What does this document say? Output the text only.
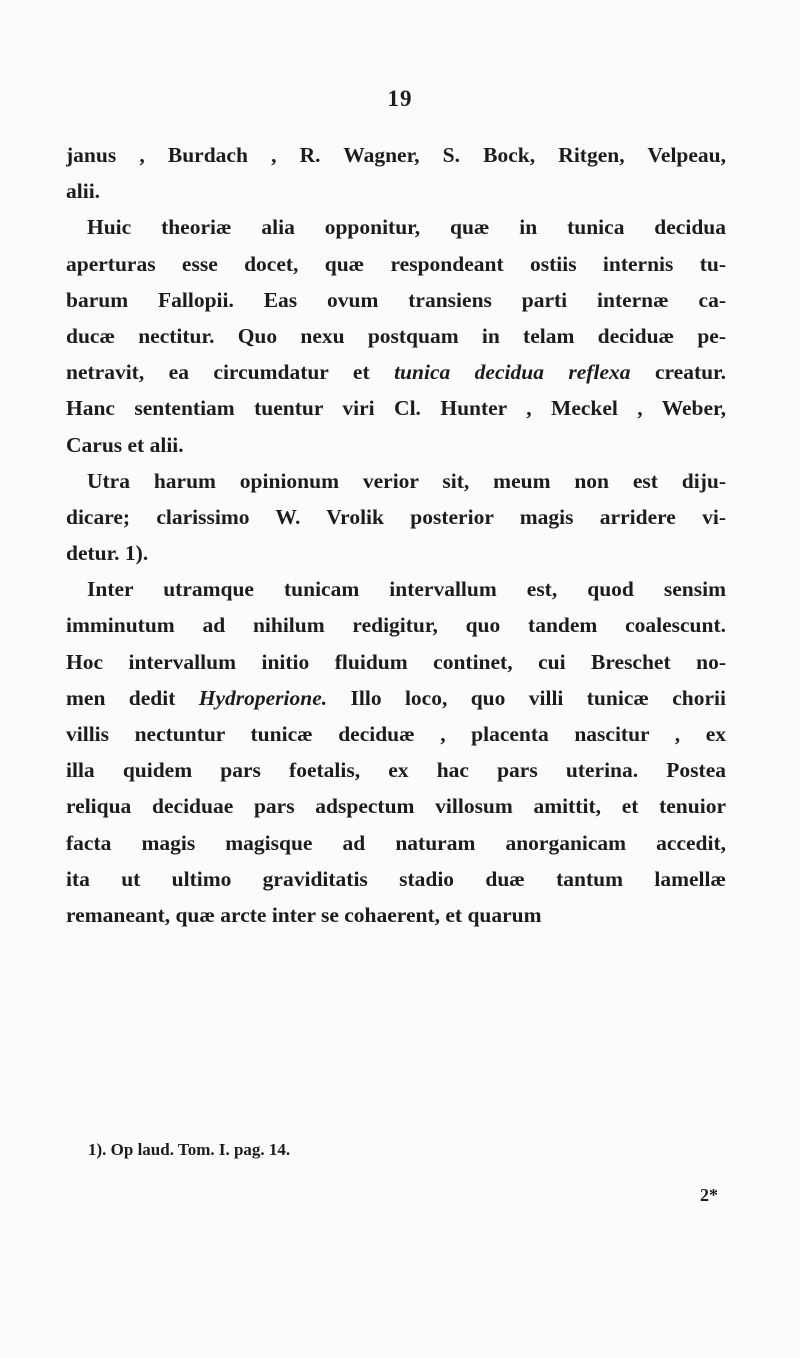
19
janus , Burdach , R. Wagner, S. Bock, Ritgen, Velpeau,
alii.
Huic theoriæ alia opponitur, quæ in tunica decidua
aperturas esse docet, quæ respondeant ostiis internis tu-
barum Fallopii. Eas ovum transiens parti internæ ca-
ducæ nectitur. Quo nexu postquam in telam deciduæ pe-
netravit, ea circumdatur et tunica decidua reflexa creatur.
Hanc sententiam tuentur viri Cl. Hunter , Meckel , Weber,
Carus et alii.
Utra harum opinionum verior sit, meum non est diju-
dicare; clarissimo W. Vrolik posterior magis arridere vi-
detur. 1).
Inter utramque tunicam intervallum est, quod sensim
imminutum ad nihilum redigitur, quo tandem coalescunt.
Hoc intervallum initio fluidum continet, cui Breschet no-
men dedit Hydroperione. Illo loco, quo villi tunicæ chorii
villis nectuntur tunicæ deciduæ , placenta nascitur , ex
illa quidem pars foetalis, ex hac pars uterina. Postea
reliqua deciduae pars adspectum villosum amittit, et tenuior
facta magis magisque ad naturam anorganicam accedit,
ita ut ultimo graviditatis stadio duæ tantum lamellæ
remaneant, quæ arcte inter se cohaerent, et quarum
1). Op laud. Tom. I. pag. 14.
2*
